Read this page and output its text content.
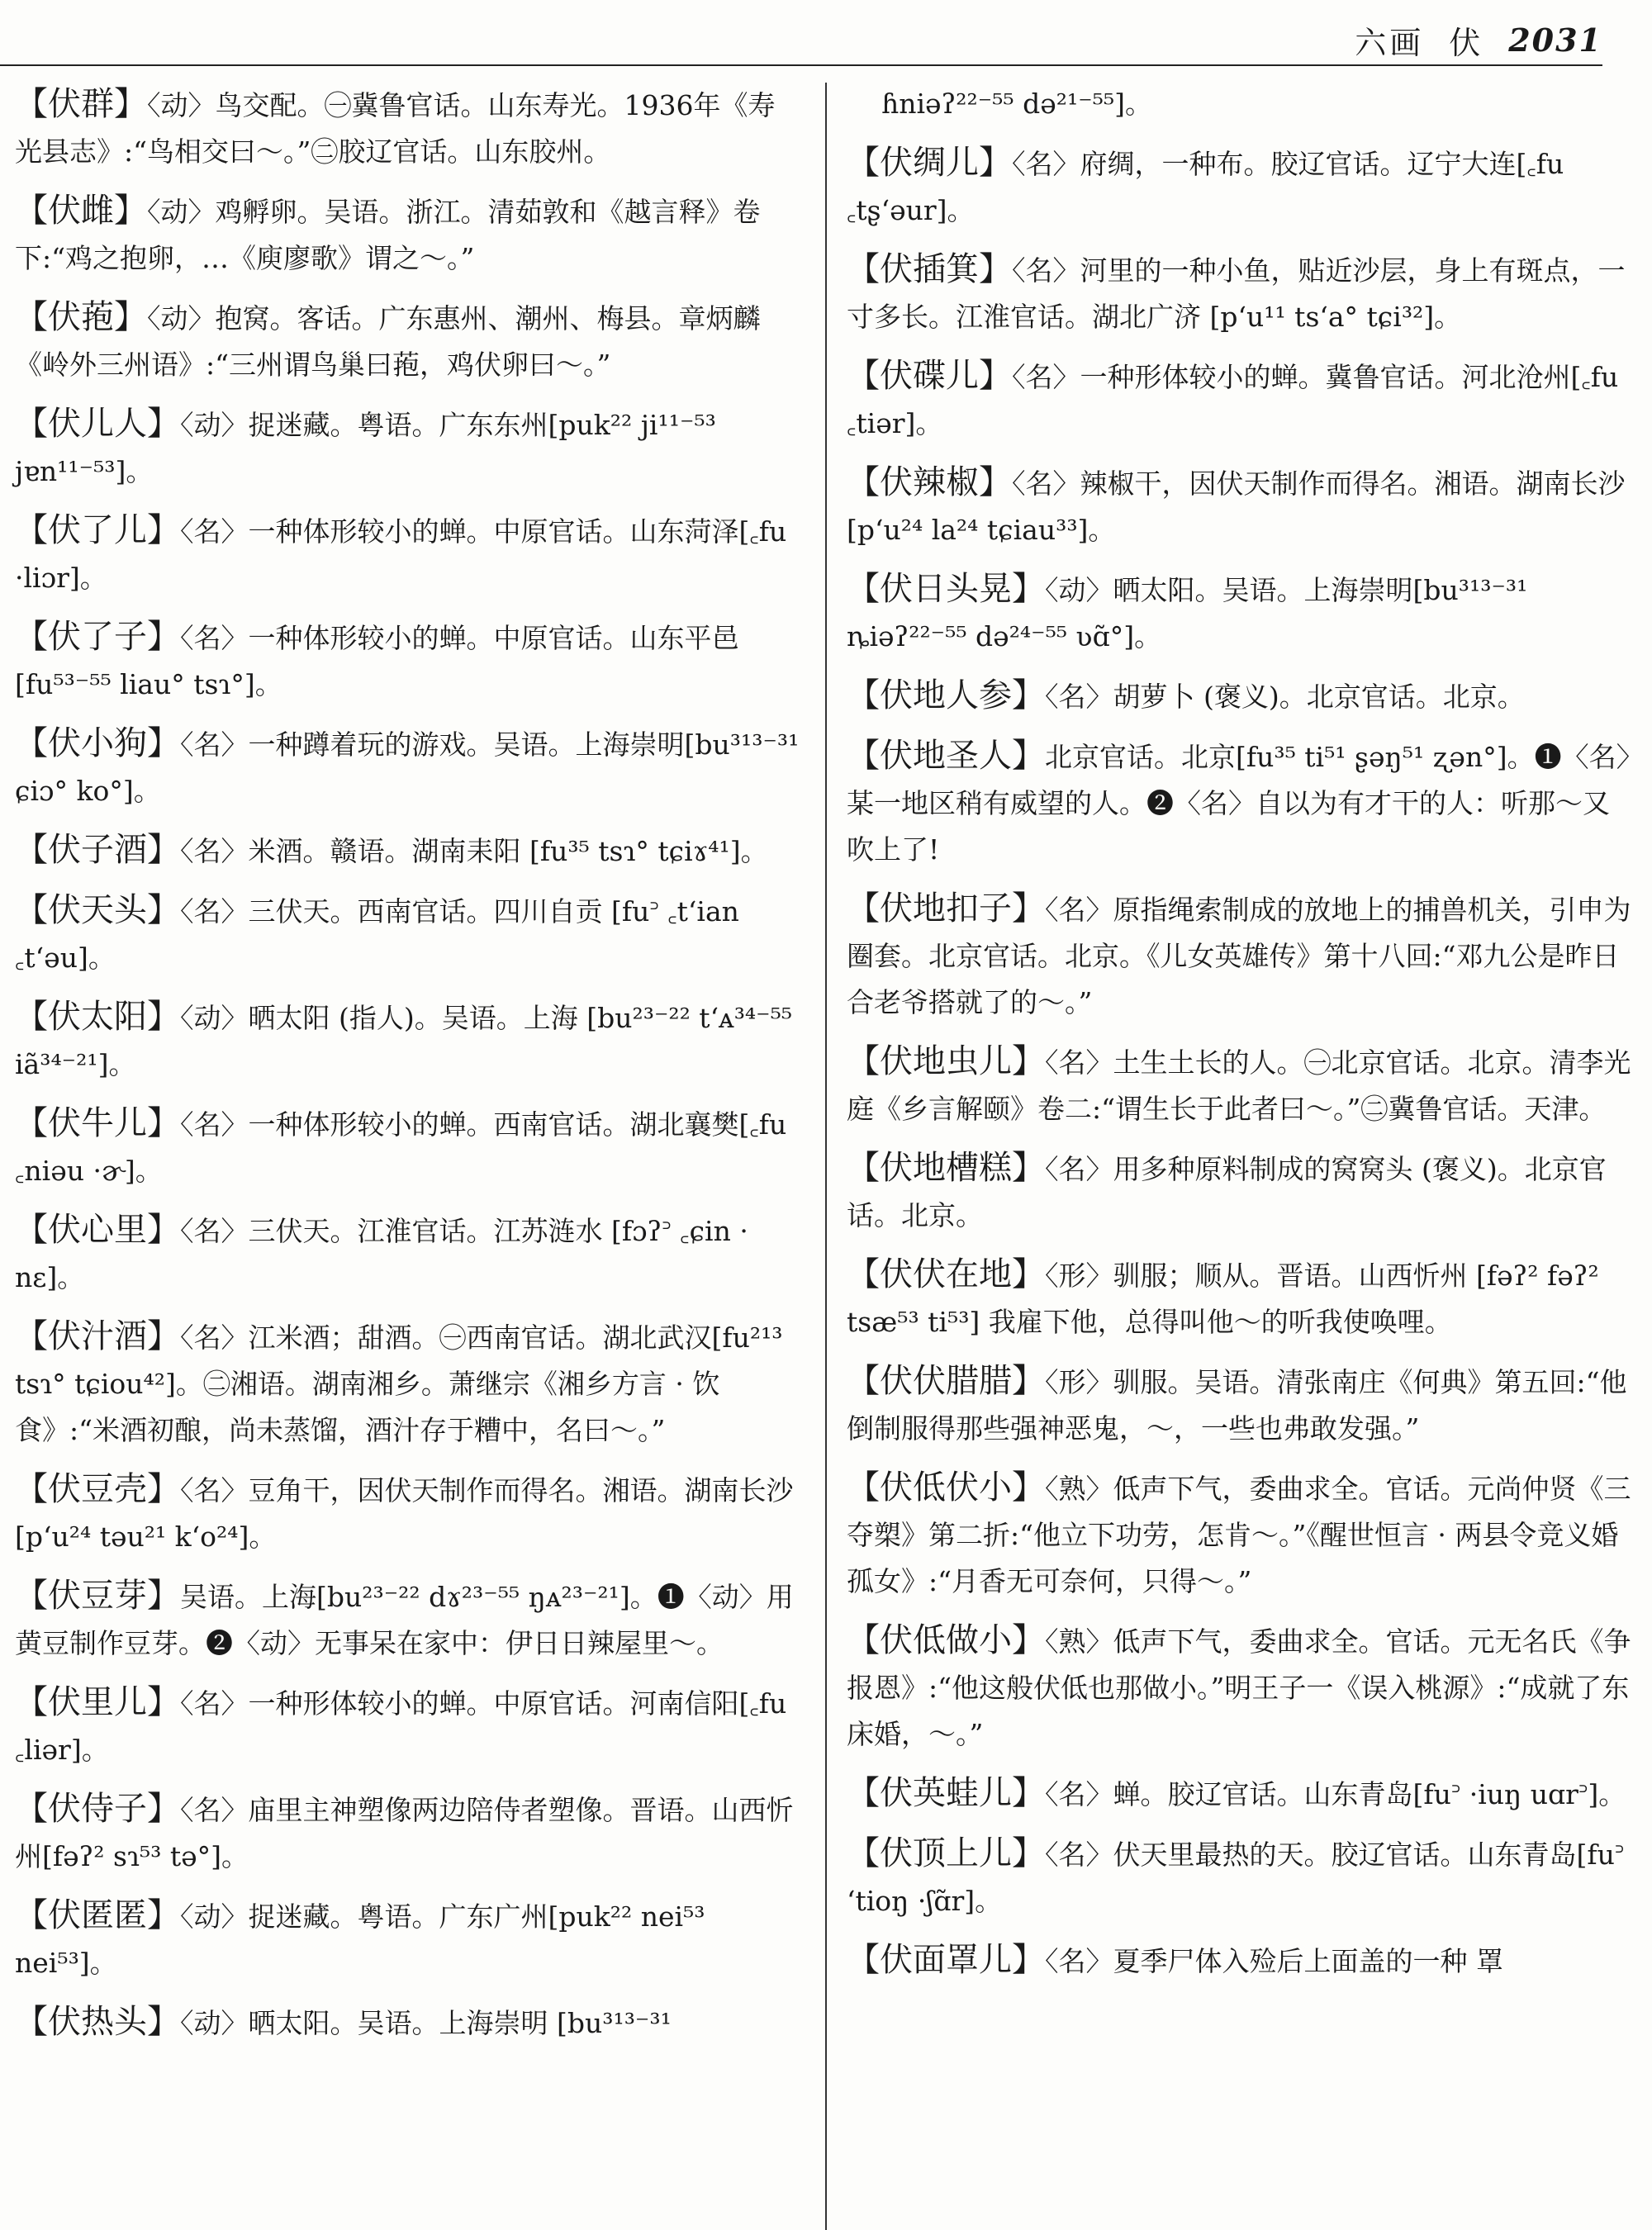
六画 伏 2031

【伏群】〈动〉鸟交配。㊀冀鲁官话。山东寿光。1936年《寿光县志》:“鸟相交曰～。”㊁胶辽官话。山东胶州。

【伏雌】〈动〉鸡孵卵。吴语。浙江。清茹敦和《越言释》卷下:“鸡之抱卵，…《庾廖歌》谓之～。”

【伏菢】〈动〉抱窝。客话。广东惠州、潮州、梅县。章炳麟《岭外三州语》:“三州谓鸟巢曰菢，鸡伏卵曰～。”

【伏儿人】〈动〉捉迷藏。粤语。广东东州[puk²² ji¹¹⁻⁵³ jɐn¹¹⁻⁵³]。

【伏了儿】〈名〉一种体形较小的蝉。中原官话。山东菏泽[꜀fu ·liɔr]。

【伏了子】〈名〉一种体形较小的蝉。中原官话。山东平邑[fu⁵³⁻⁵⁵ liau° tsɿ°]。

【伏小狗】〈名〉一种蹲着玩的游戏。吴语。上海崇明[bu³¹³⁻³¹ ɕiɔ° ko°]。

【伏子酒】〈名〉米酒。赣语。湖南耒阳 [fu³⁵ tsɿ° tɕiɤ⁴¹]。

【伏天头】〈名〉三伏天。西南官话。四川自贡 [fu꜄ ꜀t‘ian ꜀t‘əu]。

【伏太阳】〈动〉晒太阳 (指人)。吴语。上海 [bu²³⁻²² t‘ᴀ³⁴⁻⁵⁵ iã³⁴⁻²¹]。

【伏牛儿】〈名〉一种体形较小的蝉。西南官话。湖北襄樊[꜀fu ꜀niəu ·ɚ]。

【伏心里】〈名〉三伏天。江淮官话。江苏涟水 [fɔʔ꜄ ꜀ɕin · nɛ]。

【伏汁酒】〈名〉江米酒；甜酒。㊀西南官话。湖北武汉[fu²¹³ tsɿ° tɕiou⁴²]。㊁湘语。湖南湘乡。萧继宗《湘乡方言 · 饮食》:“米酒初酿，尚未蒸馏，酒汁存于糟中，名曰～。”

【伏豆壳】〈名〉豆角干，因伏天制作而得名。湘语。湖南长沙[p‘u²⁴ təu²¹ k‘o²⁴]。

【伏豆芽】吴语。上海[bu²³⁻²² dɤ²³⁻⁵⁵ ŋᴀ²³⁻²¹]。❶〈动〉用黄豆制作豆芽。❷〈动〉无事呆在家中：伊日日辣屋里～。

【伏里儿】〈名〉一种形体较小的蝉。中原官话。河南信阳[꜀fu ꜀liər]。

【伏侍子】〈名〉庙里主神塑像两边陪侍者塑像。晋语。山西忻州[fəʔ² sɿ⁵³ tə°]。

【伏匿匿】〈动〉捉迷藏。粤语。广东广州[puk²² nei⁵³ nei⁵³]。

【伏热头】〈动〉晒太阳。吴语。上海崇明 [bu³¹³⁻³¹

ɦniəʔ²²⁻⁵⁵ də²¹⁻⁵⁵]。

【伏绸儿】〈名〉府绸，一种布。胶辽官话。辽宁大连[꜀fu ꜀tʂ‘əur]。

【伏插箕】〈名〉河里的一种小鱼，贴近沙层，身上有斑点，一寸多长。江淮官话。湖北广济 [p‘u¹¹ ts‘a° tɕi³²]。

【伏碟儿】〈名〉一种形体较小的蝉。冀鲁官话。河北沧州[꜀fu ꜀tiər]。

【伏辣椒】〈名〉辣椒干，因伏天制作而得名。湘语。湖南长沙[p‘u²⁴ la²⁴ tɕiau³³]。

【伏日头晃】〈动〉晒太阳。吴语。上海崇明[bu³¹³⁻³¹ ȵiəʔ²²⁻⁵⁵ də²⁴⁻⁵⁵ ʋɑ̃°]。

【伏地人参】〈名〉胡萝卜 (褒义)。北京官话。北京。

【伏地圣人】北京官话。北京[fu³⁵ ti⁵¹ ʂəŋ⁵¹ ʐən°]。❶〈名〉某一地区稍有威望的人。❷〈名〉自以为有才干的人：听那～又吹上了!

【伏地扣子】〈名〉原指绳索制成的放地上的捕兽机关，引申为圈套。北京官话。北京。《儿女英雄传》第十八回:“邓九公是昨日合老爷搭就了的～。”

【伏地虫儿】〈名〉土生土长的人。㊀北京官话。北京。清李光庭《乡言解颐》卷二:“谓生长于此者曰～。”㊁冀鲁官话。天津。

【伏地槽糕】〈名〉用多种原料制成的窝窝头 (褒义)。北京官话。北京。

【伏伏在地】〈形〉驯服；顺从。晋语。山西忻州 [fəʔ² fəʔ² tsæ⁵³ ti⁵³] 我雇下他，总得叫他～的听我使唤哩。

【伏伏腊腊】〈形〉驯服。吴语。清张南庄《何典》第五回:“他倒制服得那些强神恶鬼，～，一些也弗敢发强。”

【伏低伏小】〈熟〉低声下气，委曲求全。官话。元尚仲贤《三夺槊》第二折:“他立下功劳，怎肯～。”《醒世恒言 · 两县令竞义婚孤女》:“月香无可奈何，只得～。”

【伏低做小】〈熟〉低声下气，委曲求全。官话。元无名氏《争报恩》:“他这般伏低也那做小。”明王子一《误入桃源》:“成就了东床婚，～。”

【伏英蛙儿】〈名〉蝉。胶辽官话。山东青岛[fu꜄ ·iuŋ uɑr꜄]。

【伏顶上儿】〈名〉伏天里最热的天。胶辽官话。山东青岛[fu꜄ ‘tioŋ ·ʃɑ̃r]。

【伏面罩儿】〈名〉夏季尸体入殓后上面盖的一种 罩
